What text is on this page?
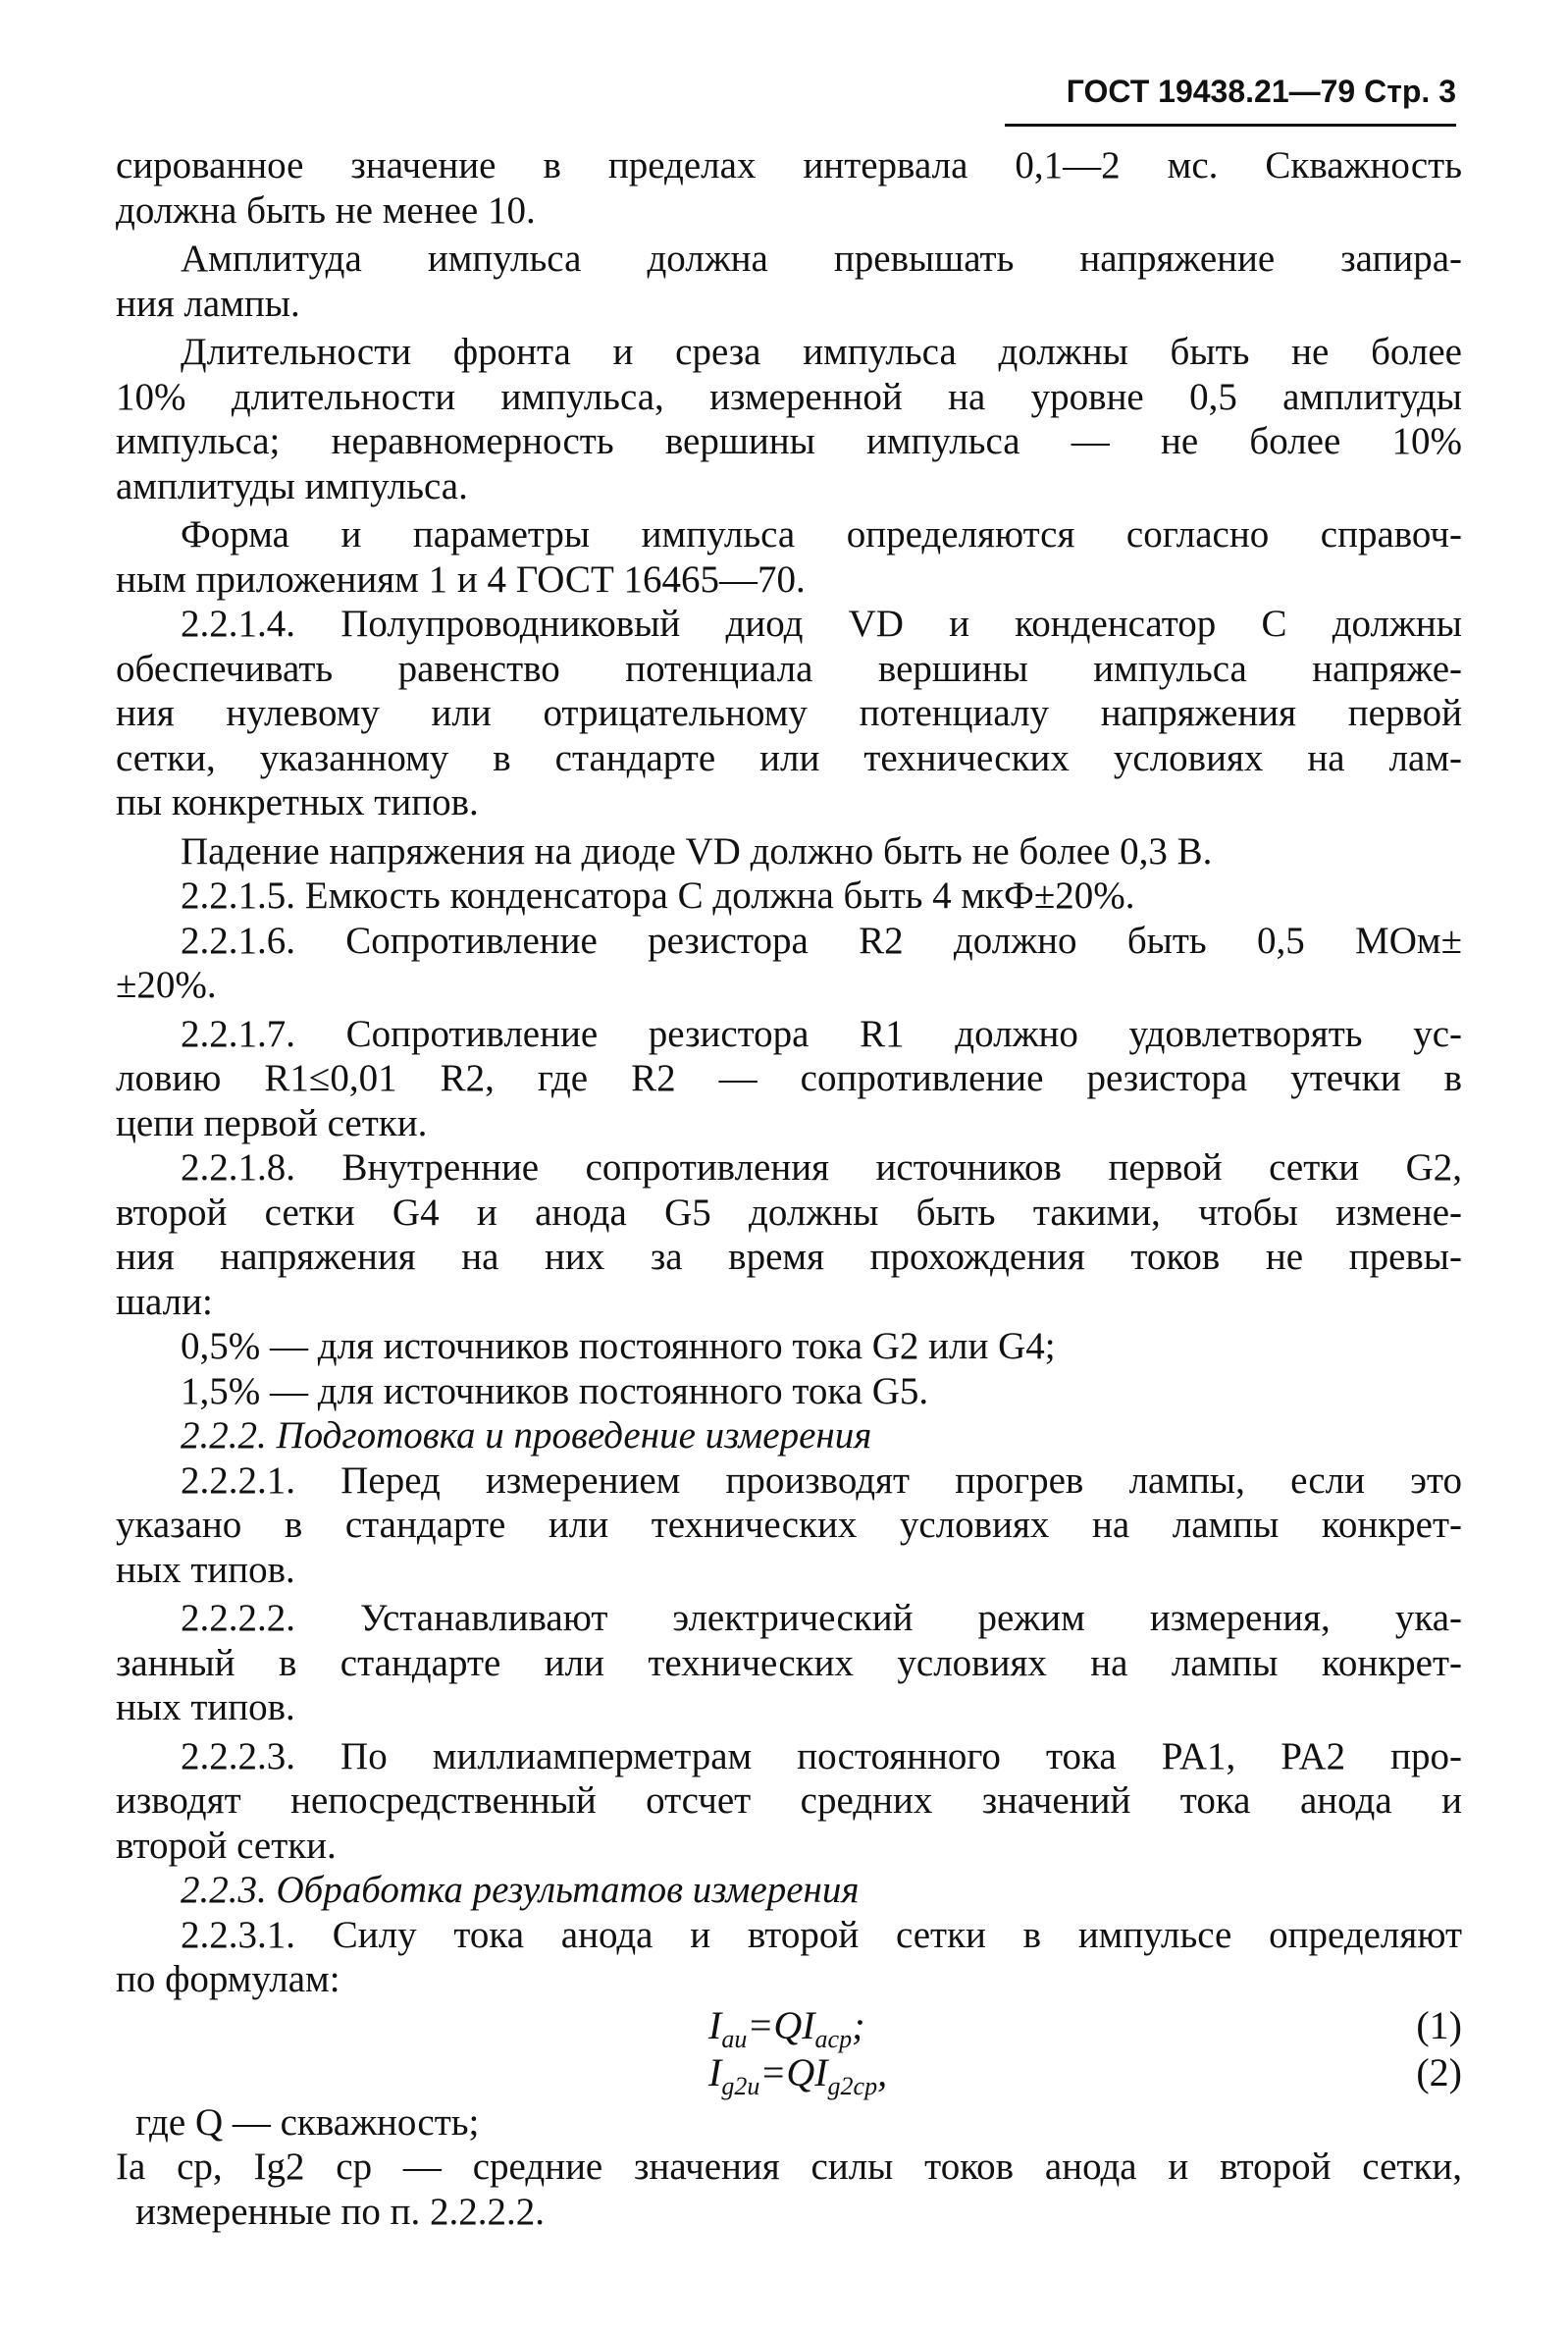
ГОСТ 19438.21—79 Стр. 3
сированное значение в пределах интервала 0,1—2 мс. Скважность
должна быть не менее 10.
Амплитуда импульса должна превышать напряжение запира-
ния лампы.
Длительности фронта и среза импульса должны быть не более
10% длительности импульса, измеренной на уровне 0,5 амплитуды
импульса; неравномерность вершины импульса — не более 10%
амплитуды импульса.
Форма и параметры импульса определяются согласно справоч-
ным приложениям 1 и 4 ГОСТ 16465—70.
2.2.1.4. Полупроводниковый диод VD и конденсатор С должны
обеспечивать равенство потенциала вершины импульса напряже-
ния нулевому или отрицательному потенциалу напряжения первой
сетки, указанному в стандарте или технических условиях на лам-
пы конкретных типов.
Падение напряжения на диоде VD должно быть не более 0,3 В.
2.2.1.5. Емкость конденсатора С должна быть 4 мкФ±20%.
2.2.1.6. Сопротивление резистора R2 должно быть 0,5 МОм±
±20%.
2.2.1.7. Сопротивление резистора R1 должно удовлетворять ус-
ловию R1≤0,01 R2, где R2 — сопротивление резистора утечки в
цепи первой сетки.
2.2.1.8. Внутренние сопротивления источников первой сетки G2,
второй сетки G4 и анода G5 должны быть такими, чтобы измене-
ния напряжения на них за время прохождения токов не превы-
шали:
0,5% — для источников постоянного тока G2 или G4;
1,5% — для источников постоянного тока G5.
2.2.2. Подготовка и проведение измерения
2.2.2.1. Перед измерением производят прогрев лампы, если это
указано в стандарте или технических условиях на лампы конкрет-
ных типов.
2.2.2.2. Устанавливают электрический режим измерения, ука-
занный в стандарте или технических условиях на лампы конкрет-
ных типов.
2.2.2.3. По миллиамперметрам постоянного тока PA1, PA2 про-
изводят непосредственный отсчет средних значений тока анода и
второй сетки.
2.2.3. Обработка результатов измерения
2.2.3.1. Силу тока анода и второй сетки в импульсе определяют
по формулам:
$I_{аи}=QI_{аср}$;	(1)
$I_{g2и}=QI_{g2ср}$,	(2)
где Q — скважность;
Iа ср, Ig2 ср — средние значения силы токов анода и второй сетки,
измеренные по п. 2.2.2.2.
